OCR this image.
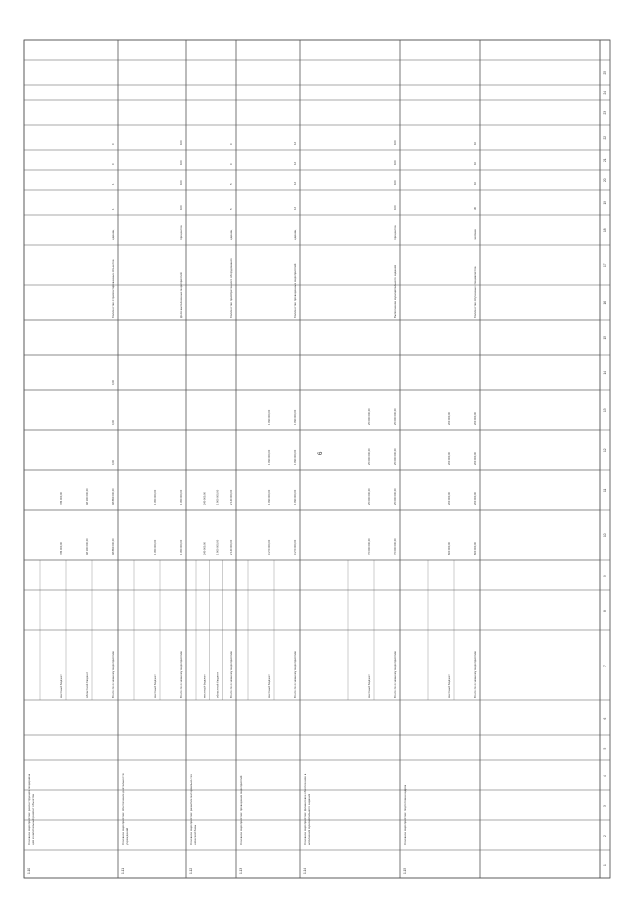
1
2
3
4
5
6
7
8
9
10
11
12
13
14
15
16
17
18
19
20
21
22
23
24
25
6
1.10
Основное мероприятие: реконструкция, модерниза ция и капитальный ремонт объектов
Всего по основному мероприятию
48 884 000,00
48 884 000,00
0,00
0,00
0,00
областной бюджет
48 100 000,00
48 100 000,00
местный бюджет
784 000,00
784 000,00
Количество отремонтированных объектов
единиц
1
1
0
0
1.11
Основное мероприятие: обеспечение деятельности учреждений
Всего по основному мероприятию
1 350 000,00
1 350 000,00
местный бюджет
1 350 000,00
1 350 000,00
Доля выполненных мероприятий
процентов
100
100
100
100
1.12
Основное мероприятие: развитие материально-тех нической базы
Всего по основному мероприятию
2 140 000,00
2 140 000,00
областной бюджет
1 900 000,00
1 900 000,00
местный бюджет
240 000,00
240 000,00
Количество приобретенного оборудования
единиц
5
5
0
0
1.13
Основное мероприятие: проведение мероприятий
Всего по основному мероприятию
3 270 000,00
1 090 000,00
1 090 000,00
1 090 000,00
местный бюджет
3 270 000,00
1 090 000,00
1 090 000,00
1 090 000,00
Количество проведенных мероприятий
единиц
12
12
12
12
1.14
Основное мероприятие: финансовое обеспечение в ыполнения муниципального задания
Всего по основному мероприятию
75 000 000,00
25 000 000,00
25 000 000,00
25 000 000,00
местный бюджет
75 000 000,00
25 000 000,00
25 000 000,00
25 000 000,00
Выполнение муниципального задания
процентов
100
100
100
100
1.15
Основное мероприятие: подготовка кадров
Всего по основному мероприятию
600 000,00
200 000,00
200 000,00
200 000,00
местный бюджет
600 000,00
200 000,00
200 000,00
200 000,00
Количество обученных специалистов
человек
30
10
10
10
